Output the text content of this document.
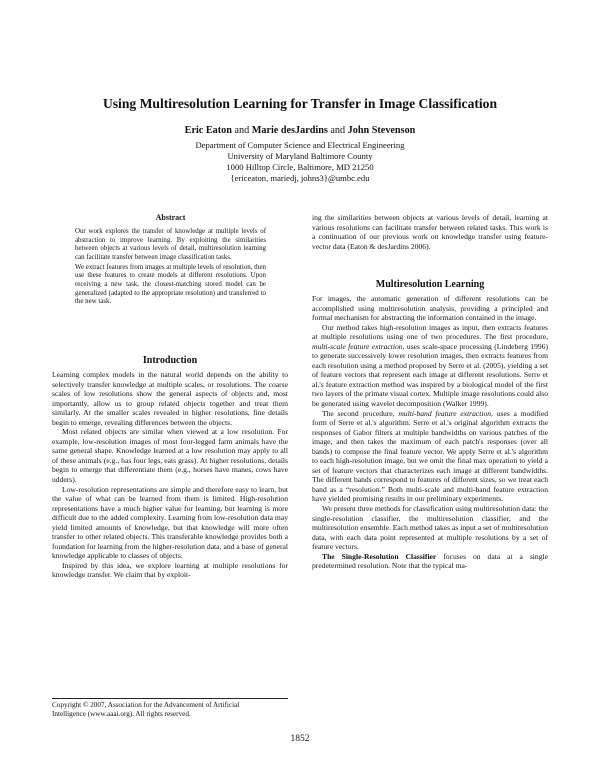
Using Multiresolution Learning for Transfer in Image Classification
Eric Eaton and Marie desJardins and John Stevenson
Department of Computer Science and Electrical Engineering
University of Maryland Baltimore County
1000 Hilltop Circle, Baltimore, MD 21250
{ericeaton, mariedj, johns3}@umbc.edu
Abstract

Our work explores the transfer of knowledge at multiple levels of abstraction to improve learning. By exploiting the similarities between objects at various levels of detail, multiresolution learning can facilitate transfer between image classification tasks.

We extract features from images at multiple levels of resolution, then use these features to create models at different resolutions. Upon receiving a new task, the closest-matching stored model can be generalized (adapted to the appropriate resolution) and transferred to the new task.

Introduction

Learning complex models in the natural world depends on the ability to selectively transfer knowledge at multiple scales, or resolutions. The coarse scales of low resolutions show the general aspects of objects and, most importantly, allow us to group related objects together and treat them similarly. At the smaller scales revealed in higher resolutions, fine details begin to emerge, revealing differences between the objects.

Most related objects are similar when viewed at a low resolution. For example, low-resolution images of most four-legged farm animals have the same general shape. Knowledge learned at a low resolution may apply to all of these animals (e.g., has four legs, eats grass). At higher resolutions, details begin to emerge that differentiate them (e.g., horses have manes, cows have udders).

Low-resolution representations are simple and therefore easy to learn, but the value of what can be learned from them is limited. High-resolution representations have a much higher value for learning, but learning is more difficult due to the added complexity. Learning from low-resolution data may yield limited amounts of knowledge, but that knowledge will more often transfer to other related objects. This transferable knowledge provides both a foundation for learning from the higher-resolution data, and a base of general knowledge applicable to classes of objects.

Inspired by this idea, we explore learning at multiple resolutions for knowledge transfer. We claim that by exploit-

Copyright © 2007, Association for the Advancement of Artificial
Intelligence (www.aaai.org). All rights reserved.

ing the similarities between objects at various levels of detail, learning at various resolutions can facilitate transfer between related tasks. This work is a continuation of our previous work on knowledge transfer using feature-vector data (Eaton & desJardins 2006).

Multiresolution Learning

For images, the automatic generation of different resolutions can be accomplished using multiresolution analysis, providing a principled and formal mechanism for abstracting the information contained in the image.

Our method takes high-resolution images as input, then extracts features at multiple resolutions using one of two procedures. The first procedure, multi-scale feature extraction, uses scale-space processing (Lindeberg 1996) to generate successively lower resolution images, then extracts features from each resolution using a method proposed by Serre et al. (2005), yielding a set of feature vectors that represent each image at different resolutions. Serre et al.'s feature extraction method was inspired by a biological model of the first two layers of the primate visual cortex. Multiple image resolutions could also be generated using wavelet decomposition (Walker 1999).

The second procedure, multi-band feature extraction, uses a modified form of Serre et al.'s algorithm. Serre et al.'s original algorithm extracts the responses of Gabor filters at multiple bandwidths on various patches of the image, and then takes the maximum of each patch's responses (over all bands) to compose the final feature vector. We apply Serre et al.'s algorithm to each high-resolution image, but we omit the final max operation to yield a set of feature vectors that characterizes each image at different bandwidths. The different bands correspond to features of different sizes, so we treat each band as a “resolution.” Both multi-scale and multi-band feature extraction have yielded promising results in our preliminary experiments.

We present three methods for classification using multiresolution data: the single-resolution classifier, the multiresolution classifier, and the multiresolution ensemble. Each method takes as input a set of multiresolution data, with each data point represented at multiple resolutions by a set of feature vectors.

The Single-Resolution Classifier focuses on data at a single predetermined resolution. Note that the typical ma-

1852
